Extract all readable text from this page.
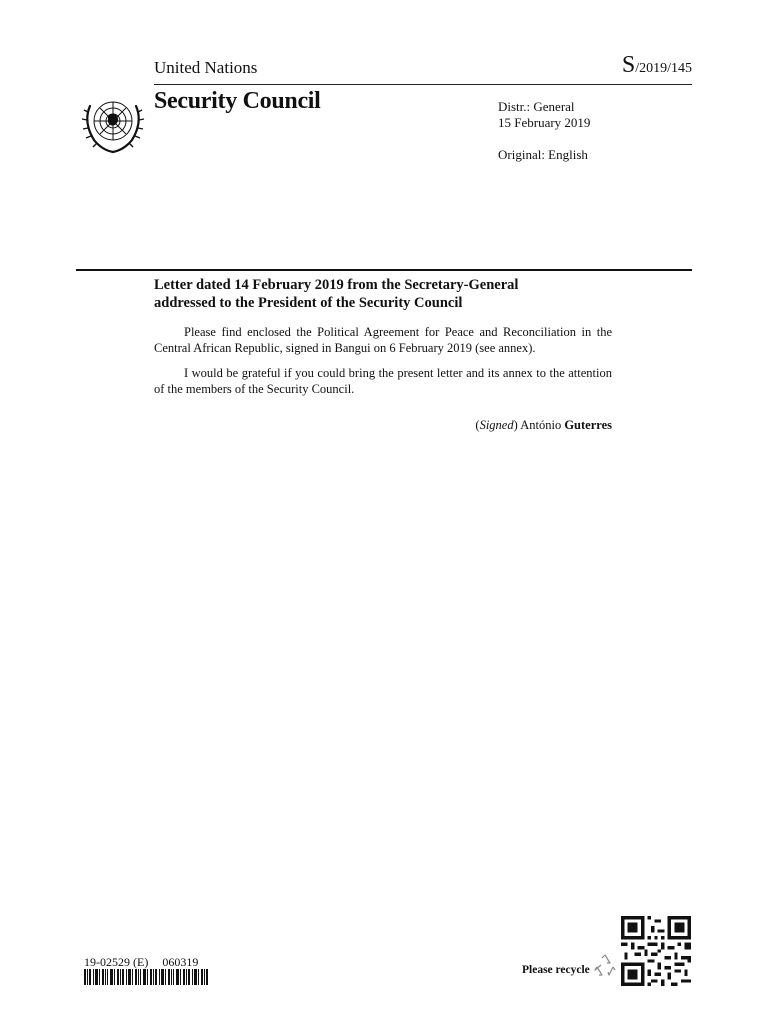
United Nations	S/2019/145
Security Council	Distr.: General
15 February 2019
Original: English
Letter dated 14 February 2019 from the Secretary-General
addressed to the President of the Security Council
Please find enclosed the Political Agreement for Peace and Reconciliation in the Central African Republic, signed in Bangui on 6 February 2019 (see annex).
I would be grateful if you could bring the present letter and its annex to the attention of the members of the Security Council.
(Signed) António Guterres
19-02529 (E) 060319
Please recycle
